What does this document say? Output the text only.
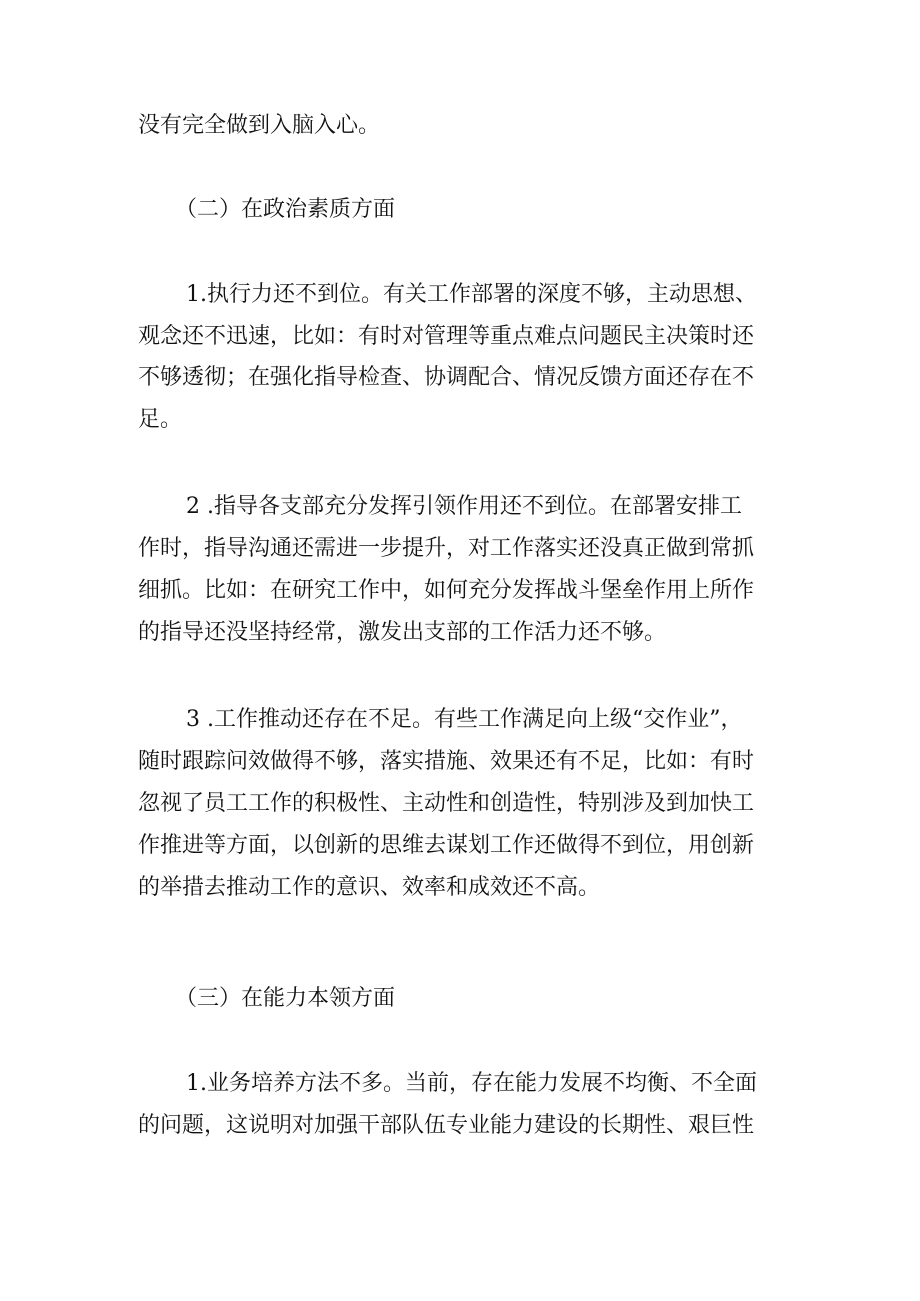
没有完全做到入脑入心。

（二）在政治素质方面

1.执行力还不到位。有关工作部署的深度不够，主动思想、

观念还不迅速，比如：有时对管理等重点难点问题民主决策时还

不够透彻；在强化指导检查、协调配合、情况反馈方面还存在不

足。

2 .指导各支部充分发挥引领作用还不到位。在部署安排工

作时，指导沟通还需进一步提升，对工作落实还没真正做到常抓

细抓。比如：在研究工作中，如何充分发挥战斗堡垒作用上所作

的指导还没坚持经常，激发出支部的工作活力还不够。

3 .工作推动还存在不足。有些工作满足向上级“交作业”，

随时跟踪问效做得不够，落实措施、效果还有不足，比如：有时

忽视了员工工作的积极性、主动性和创造性，特别涉及到加快工

作推进等方面，以创新的思维去谋划工作还做得不到位，用创新

的举措去推动工作的意识、效率和成效还不高。

（三）在能力本领方面

1.业务培养方法不多。当前，存在能力发展不均衡、不全面

的问题，这说明对加强干部队伍专业能力建设的长期性、艰巨性
